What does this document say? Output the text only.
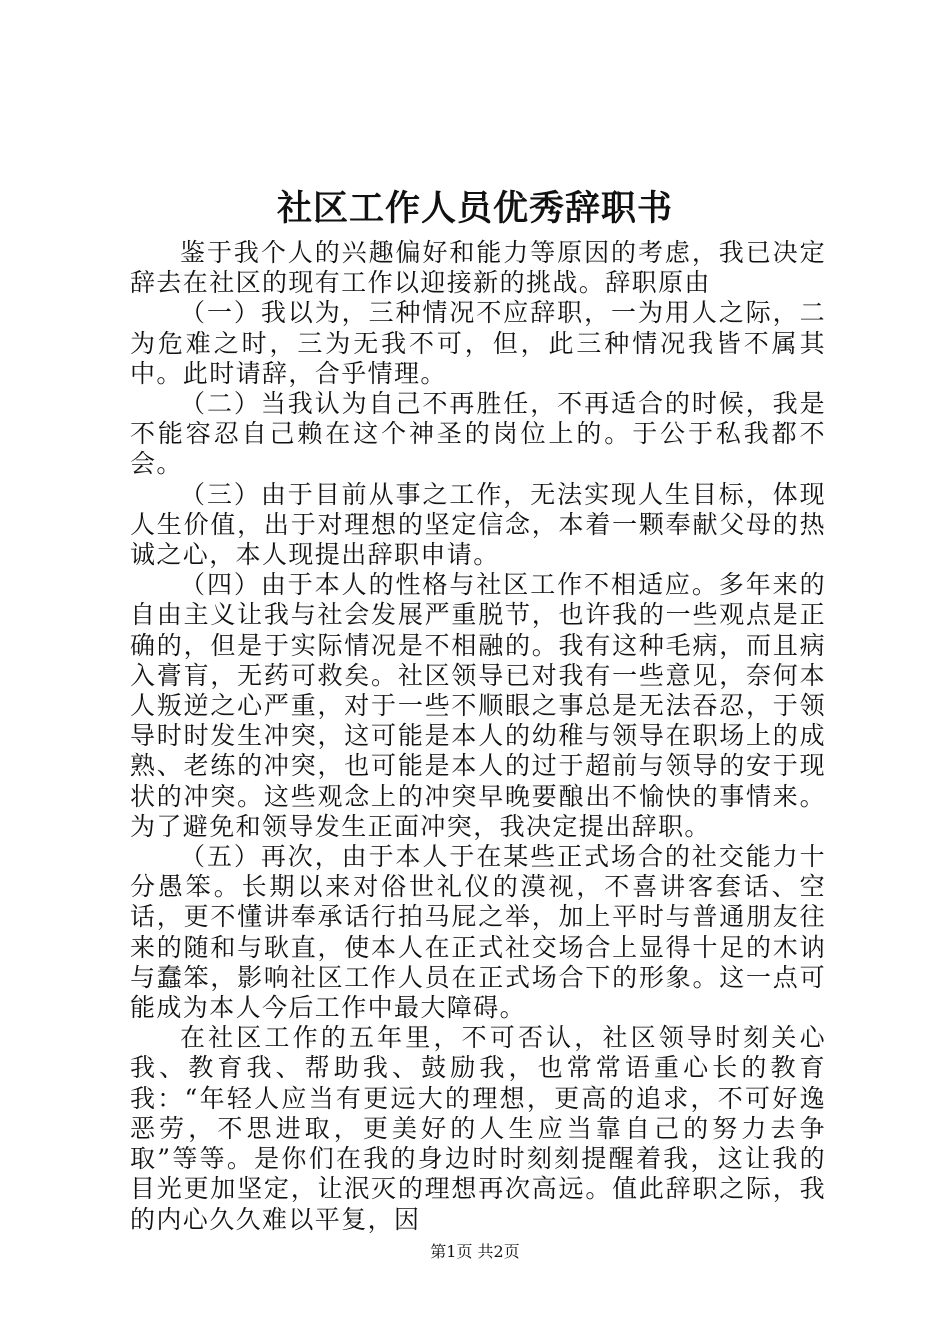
社区工作人员优秀辞职书

鉴于我个人的兴趣偏好和能力等原因的考虑，我已决定辞去在社区的现有工作以迎接新的挑战。辞职原由

（一）我以为，三种情况不应辞职，一为用人之际，二为危难之时，三为无我不可，但，此三种情况我皆不属其中。此时请辞，合乎情理。

（二）当我认为自己不再胜任，不再适合的时候，我是不能容忍自己赖在这个神圣的岗位上的。于公于私我都不会。

（三）由于目前从事之工作，无法实现人生目标，体现人生价值，出于对理想的坚定信念，本着一颗奉献父母的热诚之心，本人现提出辞职申请。

（四）由于本人的性格与社区工作不相适应。多年来的自由主义让我与社会发展严重脱节，也许我的一些观点是正确的，但是于实际情况是不相融的。我有这种毛病，而且病入膏肓，无药可救矣。社区领导已对我有一些意见，奈何本人叛逆之心严重，对于一些不顺眼之事总是无法吞忍，于领导时时发生冲突，这可能是本人的幼稚与领导在职场上的成熟、老练的冲突，也可能是本人的过于超前与领导的安于现状的冲突。这些观念上的冲突早晚要酿出不愉快的事情来。为了避免和领导发生正面冲突，我决定提出辞职。

（五）再次，由于本人于在某些正式场合的社交能力十分愚笨。长期以来对俗世礼仪的漠视，不喜讲客套话、空话，更不懂讲奉承话行拍马屁之举，加上平时与普通朋友往来的随和与耿直，使本人在正式社交场合上显得十足的木讷与蠢笨，影响社区工作人员在正式场合下的形象。这一点可能成为本人今后工作中最大障碍。

在社区工作的五年里，不可否认，社区领导时刻关心我、教育我、帮助我、鼓励我，也常常语重心长的教育我：“年轻人应当有更远大的理想，更高的追求，不可好逸恶劳，不思进取，更美好的人生应当靠自己的努力去争取”等等。是你们在我的身边时时刻刻提醒着我，这让我的目光更加坚定，让泯灭的理想再次高远。值此辞职之际，我的内心久久难以平复，因

第1页 共2页
